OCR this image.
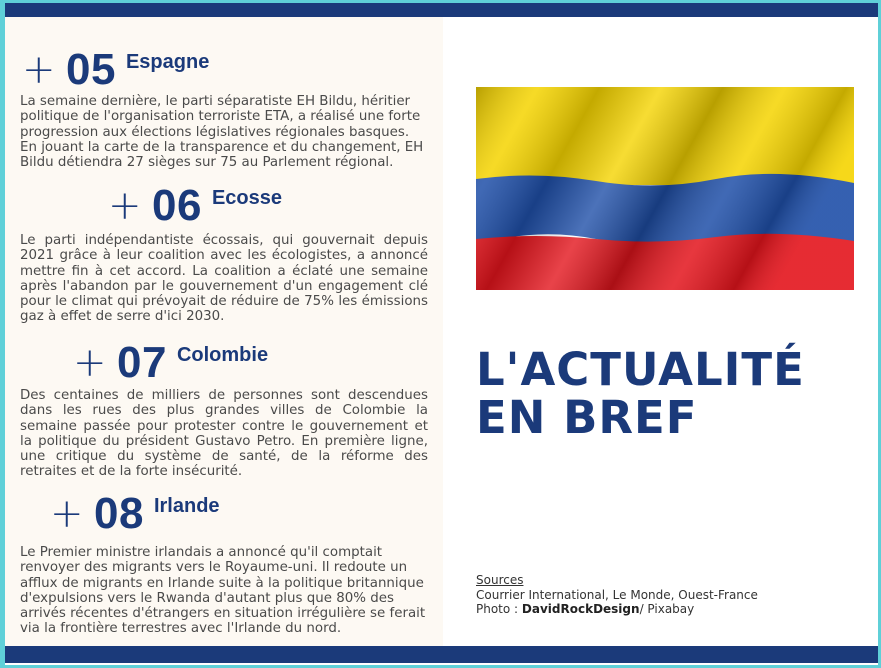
+ 05 Espagne
La semaine dernière, le parti séparatiste EH Bildu, héritier politique de l'organisation terroriste ETA, a réalisé une forte progression aux élections législatives régionales basques. En jouant la carte de la transparence et du changement, EH Bildu détiendra 27 sièges sur 75 au Parlement régional.
+ 06 Ecosse
Le parti indépendantiste écossais, qui gouvernait depuis 2021 grâce à leur coalition avec les écologistes, a annoncé mettre fin à cet accord. La coalition a éclaté une semaine après l'abandon par le gouvernement d'un engagement clé pour le climat qui prévoyait de réduire de 75% les émissions gaz à effet de serre d'ici 2030.
+ 07 Colombie
Des centaines de milliers de personnes sont descendues dans les rues des plus grandes villes de Colombie la semaine passée pour protester contre le gouvernement et la politique du président Gustavo Petro. En première ligne, une critique du système de santé, de la réforme des retraites et de la forte insécurité.
+ 08 Irlande
Le Premier ministre irlandais a annoncé qu'il comptait renvoyer des migrants vers le Royaume-uni. Il redoute un afflux de migrants en Irlande suite à la politique britannique d'expulsions vers le Rwanda d'autant plus que 80% des arrivés récentes d'étrangers en situation irrégulière se ferait via la frontière terrestres avec l'Irlande du nord.
L'ACTUALITÉ
EN BREF
Sources
Courrier International, Le Monde, Ouest-France
Photo : DavidRockDesign/ Pixabay
